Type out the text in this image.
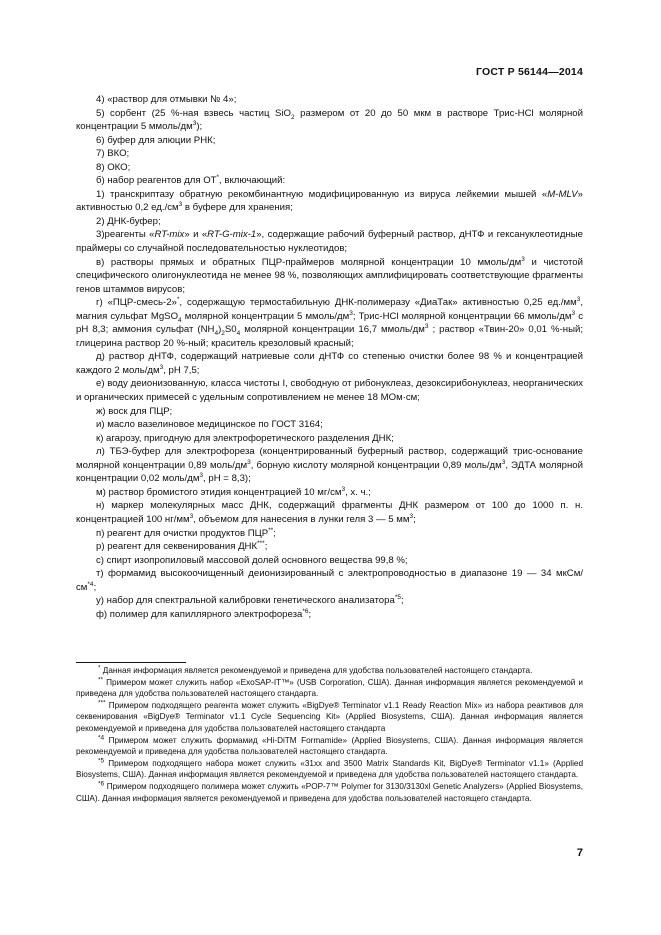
ГОСТ Р 56144—2014

4) «раствор для отмывки № 4»;

5) сорбент (25 %-ная взвесь частиц SiO$_2$ размером от 20 до 50 мкм в растворе Трис-HCl молярной концентрации 5 ммоль/$дм^3$);

6) буфер для элюции РНК;

7) ВКО;

8) ОКО;

б) набор реагентов для ОТ*, включающий:

1) транскриптазу обратную рекомбинантную модифицированную из вируса лейкемии мышей «M-MLV» активностью 0,2 $ед./см^3$ в буфере для хранения;

2) ДНК-буфер;

3)реагенты «RT-mix» и «RT-G-mix-1», содержащие рабочий буферный раствор, дНТФ и гексануклеотидные праймеры со случайной последовательностью нуклеотидов;

в) растворы прямых и обратных ПЦР-праймеров молярной концентрации 10 ммоль/$дм^3$ и чистотой специфического олигонуклеотида не менее 98 %, позволяющих амплифицировать соответствующие фрагменты генов штаммов вирусов;

г) «ПЦР-смесь-2»*, содержащую термостабильную ДНК-полимеразу «ДиаТак» активностью 0,25 $ед./мм^3$, магния сульфат MgSO$_4$ молярной концентрации 5 ммоль/$дм^3$; Трис-HCl молярной концентрации 66 ммоль/$дм^3$ с рН 8,3; аммония сульфат $(NH_4)_2S0_4$ молярной концентрации 16,7 ммоль/$дм^3$ ; раствор «Твин-20» 0,01 %-ный; глицерина раствор 20 %-ный; краситель крезоловый красный;

д) раствор дНТФ, содержащий натриевые соли дНТФ со степенью очистки более 98 % и концентрацией каждого 2 моль/$дм^3$, рН 7,5;

е) воду деионизованную, класса чистоты I, свободную от рибонуклеаз, дезоксирибонуклеаз, неорганических и органических примесей с удельным сопротивлением не менее 18 МОм·см;

ж) воск для ПЦР;

и) масло вазелиновое медицинское по ГОСТ 3164;

к) агарозу, пригодную для электрофоретического разделения ДНК;

л) ТБЭ-буфер для электрофореза (концентрированный буферный раствор, содержащий трис-основание молярной концентрации 0,89 моль/$дм^3$, борную кислоту молярной концентрации 0,89 моль/$дм^3$, ЭДТА молярной концентрации 0,02 моль/$дм^3$, рН = 8,3);

м) раствор бромистого этидия концентрацией 10 $мг/см^3$, х. ч.;

н) маркер молекулярных масс ДНК, содержащий фрагменты ДНК размером от 100 до 1000 п. н. концентрацией 100 $нг/мм^3$, объемом для нанесения в лунки геля 3 — 5 $мм^3$;

п) реагент для очистки продуктов ПЦР**;

р) реагент для секвенирования ДНК***;

с) спирт изопропиловый массовой долей основного вещества 99,8 %;

т) формамид высокоочищенный деионизированный с электропроводностью в диапазоне 19 — 34 мкСм/$см^{*4}$;

у) набор для спектральной калибровки генетического анализатора$^{*5}$;

ф) полимер для капиллярного электрофореза$^{*6}$;

* Данная информация является рекомендуемой и приведена для удобства пользователей настоящего стандарта.

** Примером может служить набор «ExoSAP-IT™» (USB Corporation, США). Данная информация является рекомендуемой и приведена для удобства пользователей настоящего стандарта.

*** Примером подходящего реагента может служить «BigDye® Terminator v1.1 Ready Reaction Mix» из набора реактивов для секвенирования «BigDye® Terminator v1.1 Cycle Sequencing Kit» (Applied Biosystems, США). Данная информация является рекомендуемой и приведена для удобства пользователей настоящего стандарта

$^{*4}$ Примером может служить формамид «Hi-DiTM Formamide» (Applied Biosystems, США). Данная информация является рекомендуемой и приведена для удобства пользователей настоящего стандарта.

$^{*5}$ Примером подходящего набора может служить «31хх and 3500 Matrix Standards Kit, BigDye® Terminator v1.1» (Applied Biosystems, США). Данная информация является рекомендуемой и приведена для удобства пользователей настоящего стандарта.

$^{*6}$ Примером подходящего полимера может служить «POP-7™ Polymer for 3130/3130xl Genetic Analyzers» (Applied Biosystems, США). Данная информация является рекомендуемой и приведена для удобства пользователей настоящего стандарта.

7
